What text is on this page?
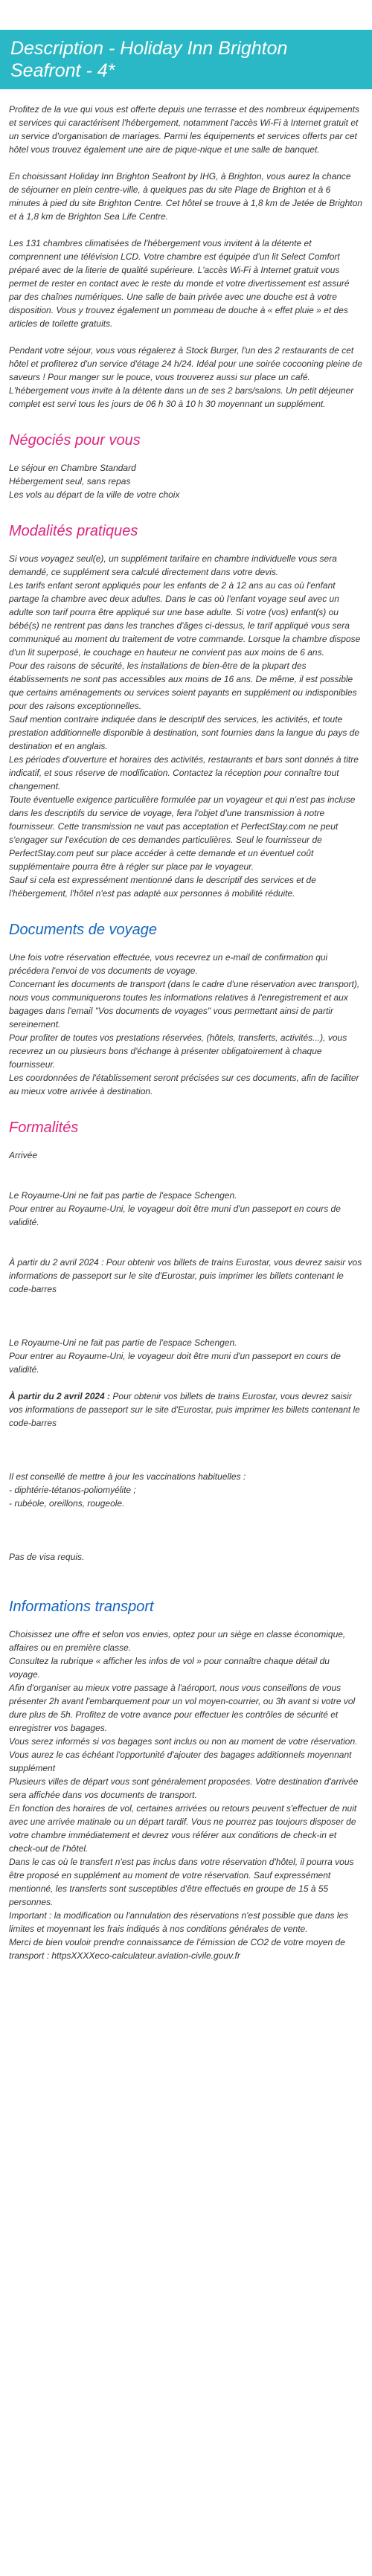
Description - Holiday Inn Brighton Seafront - 4*

Profitez de la vue qui vous est offerte depuis une terrasse et des nombreux équipements et services qui caractérisent l'hébergement, notamment l'accès Wi-Fi à Internet gratuit et un service d'organisation de mariages. Parmi les équipements et services offerts par cet hôtel vous trouvez également une aire de pique-nique et une salle de banquet.

En choisissant Holiday Inn Brighton Seafront by IHG, à Brighton, vous aurez la chance de séjourner en plein centre-ville, à quelques pas du site Plage de Brighton et à 6 minutes à pied du site Brighton Centre. Cet hôtel se trouve à 1,8 km de Jetée de Brighton et à 1,8 km de Brighton Sea Life Centre.

Les 131 chambres climatisées de l'hébergement vous invitent à la détente et comprennent une télévision LCD. Votre chambre est équipée d'un lit Select Comfort préparé avec de la literie de qualité supérieure. L'accès Wi-Fi à Internet gratuit vous permet de rester en contact avec le reste du monde et votre divertissement est assuré par des chaînes numériques. Une salle de bain privée avec une douche est à votre disposition. Vous y trouvez également un pommeau de douche à « effet pluie » et des articles de toilette gratuits.

Pendant votre séjour, vous vous régalerez à Stock Burger, l'un des 2 restaurants de cet hôtel et profiterez d'un service d'étage 24 h/24. Idéal pour une soirée cocooning pleine de saveurs ! Pour manger sur le pouce, vous trouverez aussi sur place un café. L'hébergement vous invite à la détente dans un de ses 2 bars/salons. Un petit déjeuner complet est servi tous les jours de 06 h 30 à 10 h 30 moyennant un supplément.

Négociés pour vous

Le séjour en Chambre Standard

Hébergement seul, sans repas

Les vols au départ de la ville de votre choix

Modalités pratiques

Si vous voyagez seul(e), un supplément tarifaire en chambre individuelle vous sera demandé, ce supplément sera calculé directement dans votre devis.

Les tarifs enfant seront appliqués pour les enfants de 2 à 12 ans au cas où l'enfant partage la chambre avec deux adultes. Dans le cas où l'enfant voyage seul avec un adulte son tarif pourra être appliqué sur une base adulte. Si votre (vos) enfant(s) ou bébé(s) ne rentrent pas dans les tranches d'âges ci-dessus, le tarif appliqué vous sera communiqué au moment du traitement de votre commande. Lorsque la chambre dispose d'un lit superposé, le couchage en hauteur ne convient pas aux moins de 6 ans.

Pour des raisons de sécurité, les installations de bien-être de la plupart des établissements ne sont pas accessibles aux moins de 16 ans. De même, il est possible que certains aménagements ou services soient payants en supplément ou indisponibles pour des raisons exceptionnelles.

Sauf mention contraire indiquée dans le descriptif des services, les activités, et toute prestation additionnelle disponible à destination, sont fournies dans la langue du pays de destination et en anglais.

Les périodes d'ouverture et horaires des activités, restaurants et bars sont donnés à titre indicatif, et sous réserve de modification. Contactez la réception pour connaître tout changement.

Toute éventuelle exigence particulière formulée par un voyageur et qui n'est pas incluse dans les descriptifs du service de voyage, fera l'objet d'une transmission à notre fournisseur. Cette transmission ne vaut pas acceptation et PerfectStay.com ne peut s'engager sur l'exécution de ces demandes particulières. Seul le fournisseur de PerfectStay.com peut sur place accéder à cette demande et un éventuel coût supplémentaire pourra être à régler sur place par le voyageur.

Sauf si cela est expressément mentionné dans le descriptif des services et de l'hébergement, l'hôtel n'est pas adapté aux personnes à mobilité réduite.

Documents de voyage

Une fois votre réservation effectuée, vous recevrez un e-mail de confirmation qui précédera l'envoi de vos documents de voyage.

Concernant les documents de transport (dans le cadre d'une réservation avec transport), nous vous communiquerons toutes les informations relatives à l'enregistrement et aux bagages dans l'email "Vos documents de voyages" vous permettant ainsi de partir sereinement.

Pour profiter de toutes vos prestations réservées, (hôtels, transferts, activités...), vous recevrez un ou plusieurs bons d'échange à présenter obligatoirement à chaque fournisseur.

Les coordonnées de l'établissement seront précisées sur ces documents, afin de faciliter au mieux votre arrivée à destination.

Formalités

Arrivée

Le Royaume-Uni ne fait pas partie de l'espace Schengen.

Pour entrer au Royaume-Uni, le voyageur doit être muni d'un passeport en cours de validité.

À partir du 2 avril 2024 : Pour obtenir vos billets de trains Eurostar, vous devrez saisir vos informations de passeport sur le site d'Eurostar, puis imprimer les billets contenant le code-barres

Le Royaume-Uni ne fait pas partie de l'espace Schengen.

Pour entrer au Royaume-Uni, le voyageur doit être muni d'un passeport en cours de validité.

À partir du 2 avril 2024 : Pour obtenir vos billets de trains Eurostar, vous devrez saisir vos informations de passeport sur le site d'Eurostar, puis imprimer les billets contenant le code-barres

Il est conseillé de mettre à jour les vaccinations habituelles :

- diphtérie-tétanos-poliomyélite ;

- rubéole, oreillons, rougeole.

Pas de visa requis.

Informations transport

Choisissez une offre et selon vos envies, optez pour un siège en classe économique, affaires ou en première classe.

Consultez la rubrique « afficher les infos de vol » pour connaître chaque détail du voyage.

Afin d'organiser au mieux votre passage à l'aéroport, nous vous conseillons de vous présenter 2h avant l'embarquement pour un vol moyen-courrier, ou 3h avant si votre vol dure plus de 5h. Profitez de votre avance pour effectuer les contrôles de sécurité et enregistrer vos bagages.

Vous serez informés si vos bagages sont inclus ou non au moment de votre réservation.

Vous aurez le cas échéant l'opportunité d'ajouter des bagages additionnels moyennant supplément

Plusieurs villes de départ vous sont généralement proposées. Votre destination d'arrivée sera affichée dans vos documents de transport.

En fonction des horaires de vol, certaines arrivées ou retours peuvent s'effectuer de nuit avec une arrivée matinale ou un départ tardif. Vous ne pourrez pas toujours disposer de votre chambre immédiatement et devrez vous référer aux conditions de check-in et check-out de l'hôtel.

Dans le cas où le transfert n'est pas inclus dans votre réservation d'hôtel, il pourra vous être proposé en supplément au moment de votre réservation. Sauf expressément mentionné, les transferts sont susceptibles d'être effectués en groupe de 15 à 55 personnes.

Important : la modification ou l'annulation des réservations n'est possible que dans les limites et moyennant les frais indiqués à nos conditions générales de vente.

Merci de bien vouloir prendre connaissance de l'émission de CO2 de votre moyen de transport : httpsXXXXeco-calculateur.aviation-civile.gouv.fr
